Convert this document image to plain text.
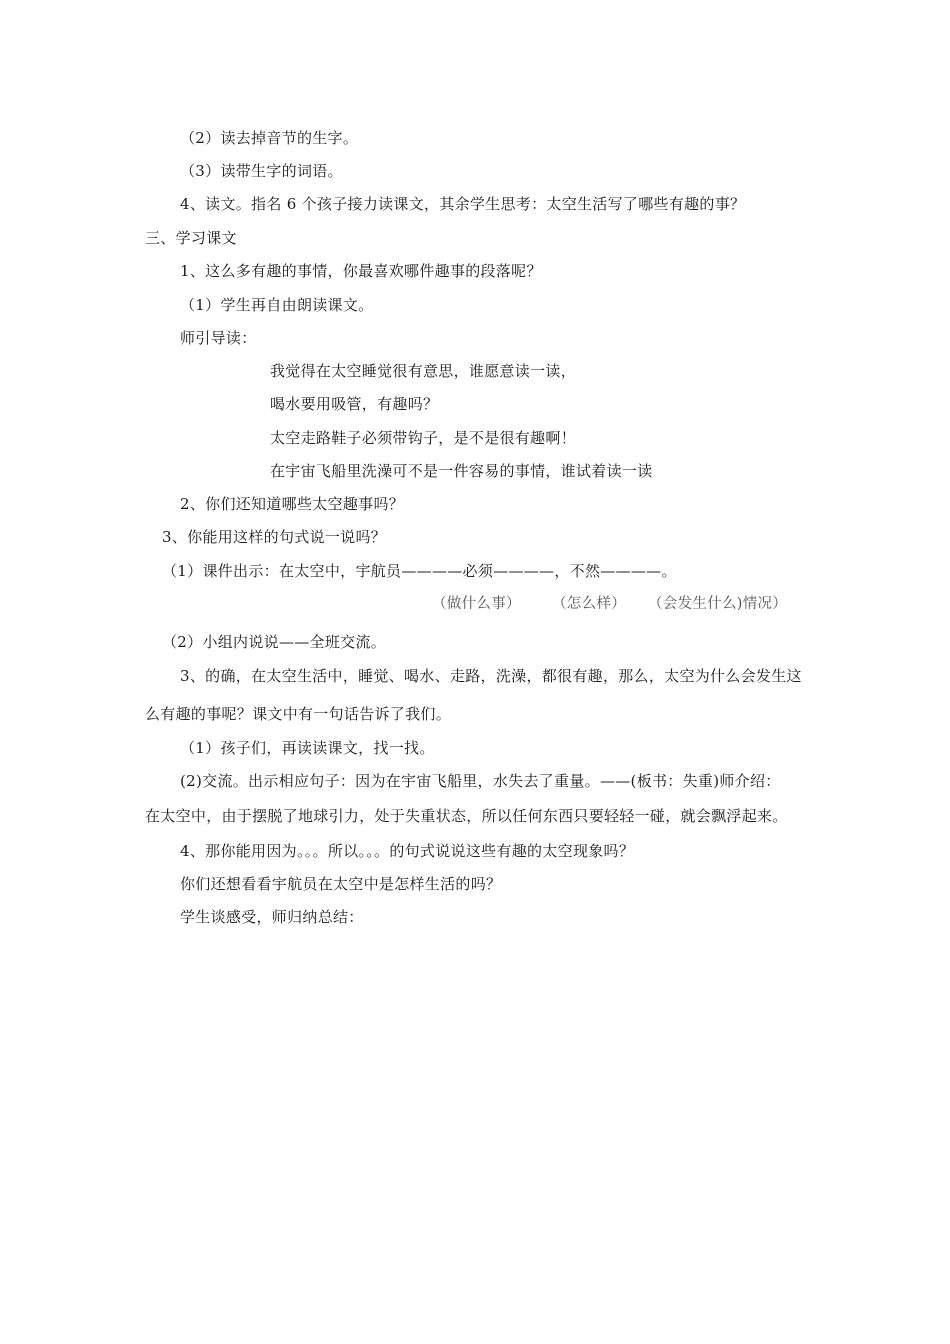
（2）读去掉音节的生字。
（3）读带生字的词语。
4、读文。指名 6 个孩子接力读课文，其余学生思考：太空生活写了哪些有趣的事？
三、学习课文
1、这么多有趣的事情，你最喜欢哪件趣事的段落呢？
（1）学生再自由朗读课文。
师引导读：
我觉得在太空睡觉很有意思，谁愿意读一读，
喝水要用吸管，有趣吗？
太空走路鞋子必须带钩子，是不是很有趣啊！
在宇宙飞船里洗澡可不是一件容易的事情，谁试着读一读
2、你们还知道哪些太空趣事吗？
3、你能用这样的句式说一说吗？
（1）课件出示：在太空中，宇航员————必须————，不然————。
（做什么事） （怎么样） （会发生什么)情况）
（2）小组内说说——全班交流。
3、的确，在太空生活中，睡觉、喝水、走路，洗澡，都很有趣，那么，太空为什么会发生这
么有趣的事呢？课文中有一句话告诉了我们。
（1）孩子们，再读读课文，找一找。
(2)交流。出示相应句子：因为在宇宙飞船里，水失去了重量。——(板书：失重)师介绍：
在太空中，由于摆脱了地球引力，处于失重状态，所以任何东西只要轻轻一碰，就会飘浮起来。
4、那你能用因为。。。所以。。。的句式说说这些有趣的太空现象吗？
你们还想看看宇航员在太空中是怎样生活的吗？
学生谈感受，师归纳总结：
